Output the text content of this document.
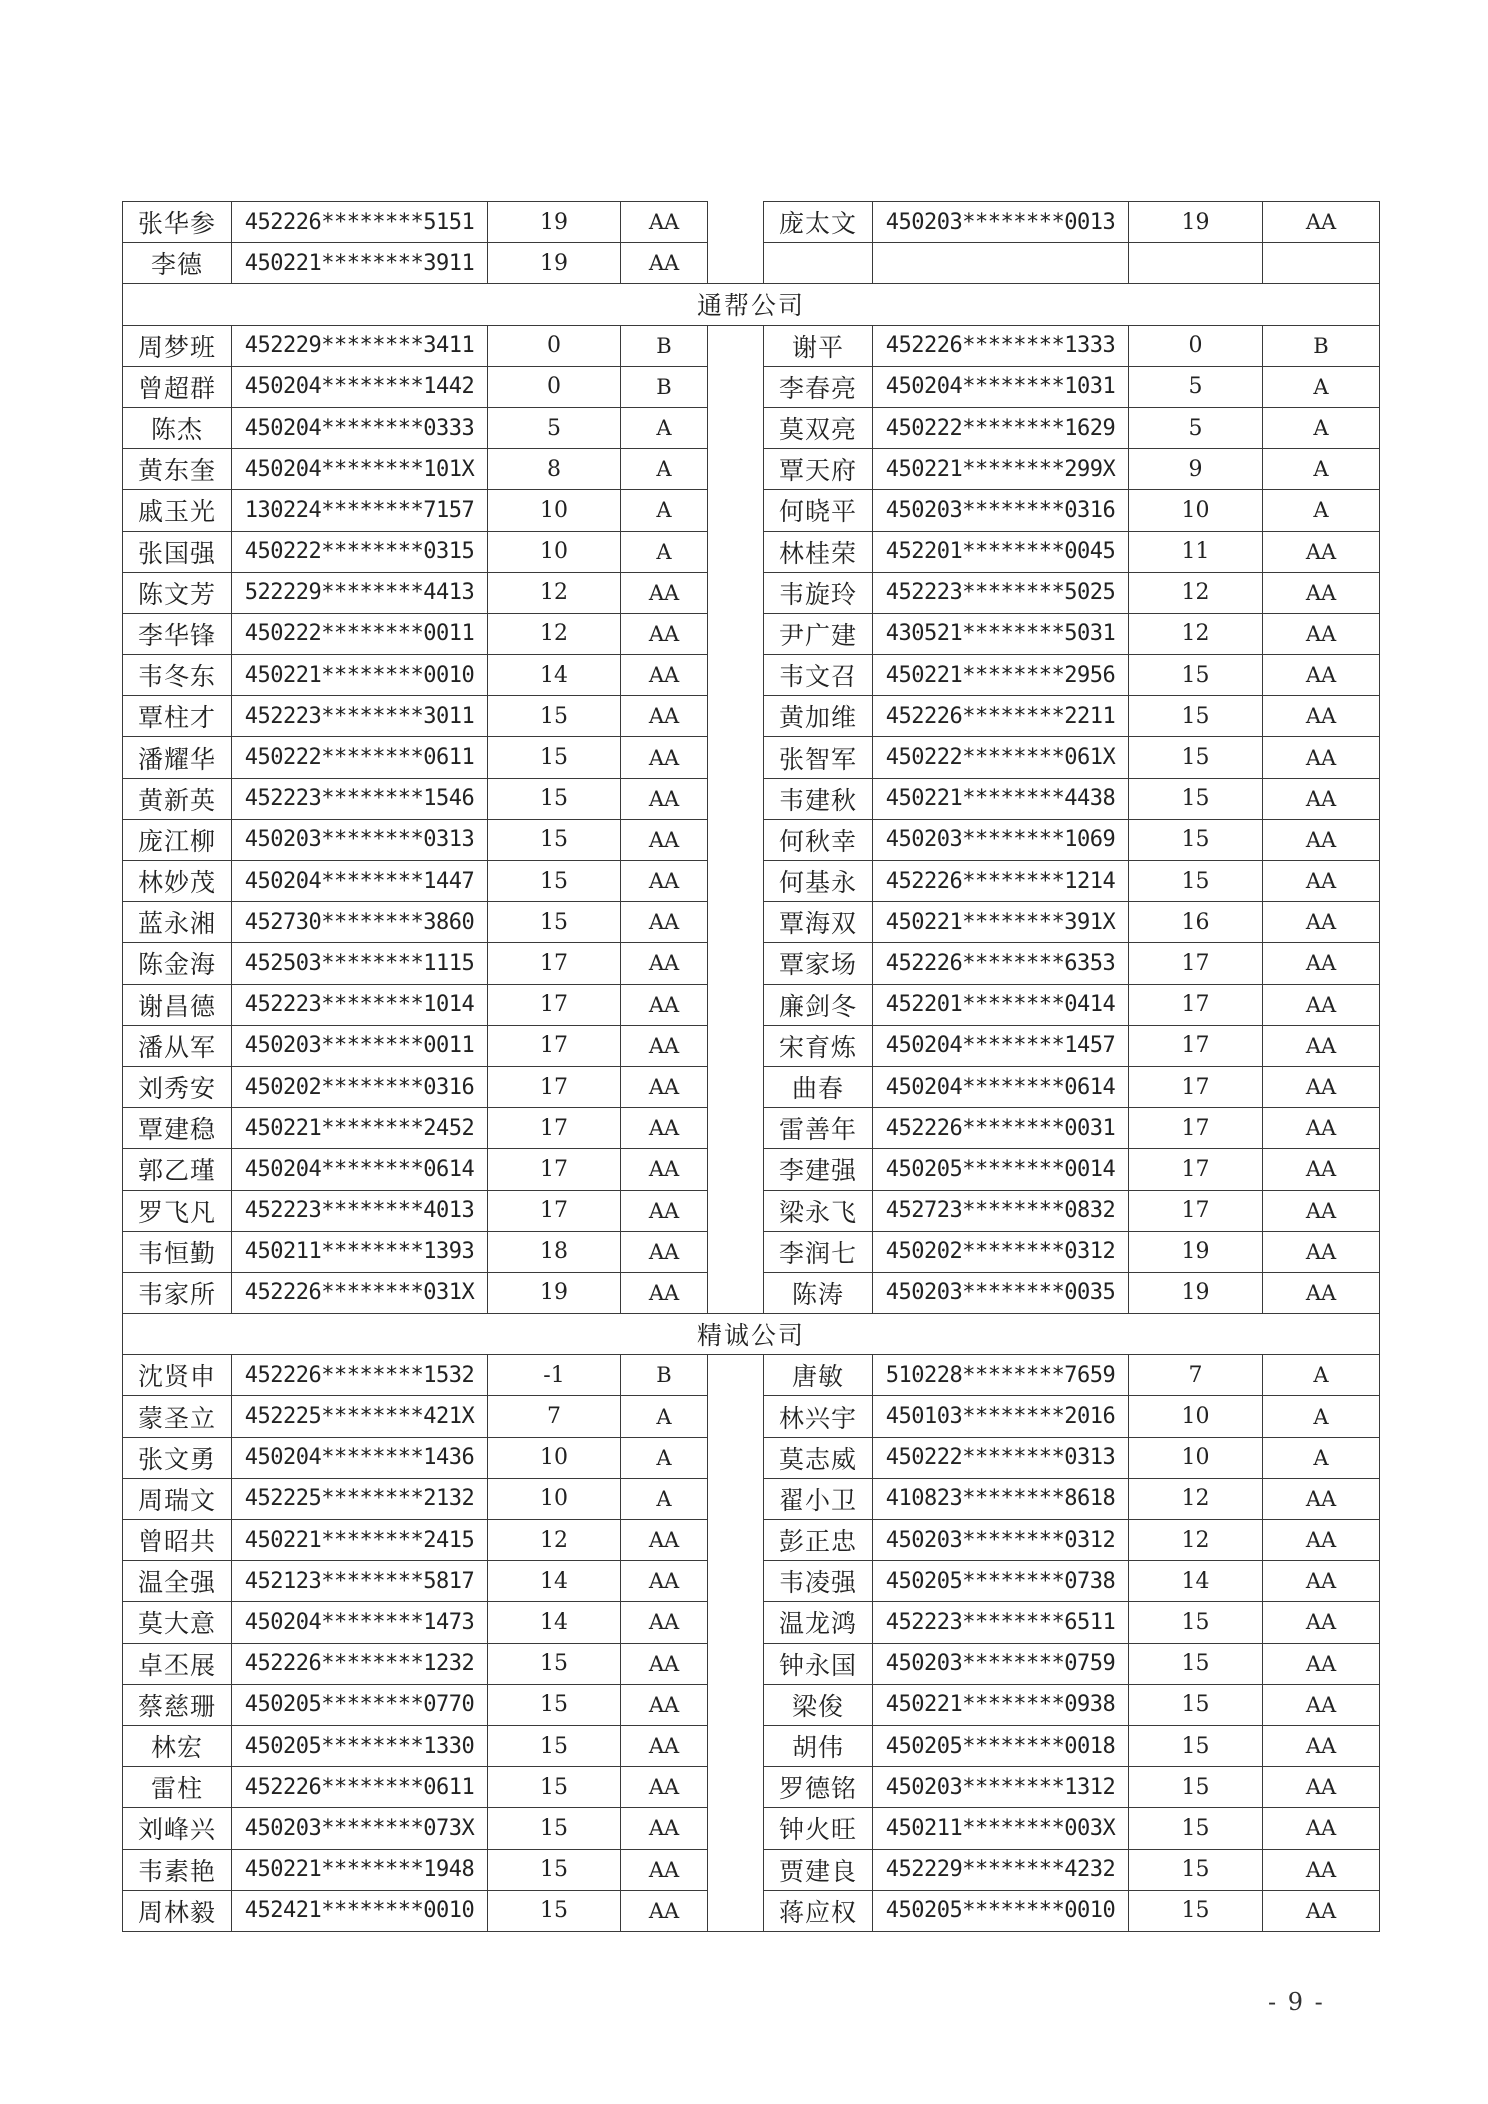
张华参	452226********5151	19	AA		庞太文	450203********0013	19	AA
李德	450221********3911	19	AA					
通帮公司								
周梦班	452229********3411	0	B		谢平	452226********1333	0	B
曾超群	450204********1442	0	B		李春亮	450204********1031	5	A
陈杰	450204********0333	5	A		莫双亮	450222********1629	5	A
黄东奎	450204********101X	8	A		覃天府	450221********299X	9	A
戚玉光	130224********7157	10	A		何晓平	450203********0316	10	A
张国强	450222********0315	10	A		林桂荣	452201********0045	11	AA
陈文芳	522229********4413	12	AA		韦旋玲	452223********5025	12	AA
李华锋	450222********0011	12	AA		尹广建	430521********5031	12	AA
韦冬东	450221********0010	14	AA		韦文召	450221********2956	15	AA
覃柱才	452223********3011	15	AA		黄加维	452226********2211	15	AA
潘耀华	450222********0611	15	AA		张智军	450222********061X	15	AA
黄新英	452223********1546	15	AA		韦建秋	450221********4438	15	AA
庞江柳	450203********0313	15	AA		何秋幸	450203********1069	15	AA
林妙茂	450204********1447	15	AA		何基永	452226********1214	15	AA
蓝永湘	452730********3860	15	AA		覃海双	450221********391X	16	AA
陈金海	452503********1115	17	AA		覃家场	452226********6353	17	AA
谢昌德	452223********1014	17	AA		廉剑冬	452201********0414	17	AA
潘从军	450203********0011	17	AA		宋育炼	450204********1457	17	AA
刘秀安	450202********0316	17	AA		曲春	450204********0614	17	AA
覃建稳	450221********2452	17	AA		雷善年	452226********0031	17	AA
郭乙瑾	450204********0614	17	AA		李建强	450205********0014	17	AA
罗飞凡	452223********4013	17	AA		梁永飞	452723********0832	17	AA
韦恒勤	450211********1393	18	AA		李润七	450202********0312	19	AA
韦家所	452226********031X	19	AA		陈涛	450203********0035	19	AA
精诚公司								
沈贤申	452226********1532	-1	B		唐敏	510228********7659	7	A
蒙圣立	452225********421X	7	A		林兴宇	450103********2016	10	A
张文勇	450204********1436	10	A		莫志威	450222********0313	10	A
周瑞文	452225********2132	10	A		翟小卫	410823********8618	12	AA
曾昭共	450221********2415	12	AA		彭正忠	450203********0312	12	AA
温全强	452123********5817	14	AA		韦凌强	450205********0738	14	AA
莫大意	450204********1473	14	AA		温龙鸿	452223********6511	15	AA
卓丕展	452226********1232	15	AA		钟永国	450203********0759	15	AA
蔡慈珊	450205********0770	15	AA		梁俊	450221********0938	15	AA
林宏	450205********1330	15	AA		胡伟	450205********0018	15	AA
雷柱	452226********0611	15	AA		罗德铭	450203********1312	15	AA
刘峰兴	450203********073X	15	AA		钟火旺	450211********003X	15	AA
韦素艳	450221********1948	15	AA		贾建良	452229********4232	15	AA
周林毅	452421********0010	15	AA		蒋应权	450205********0010	15	AA
- 9 -
